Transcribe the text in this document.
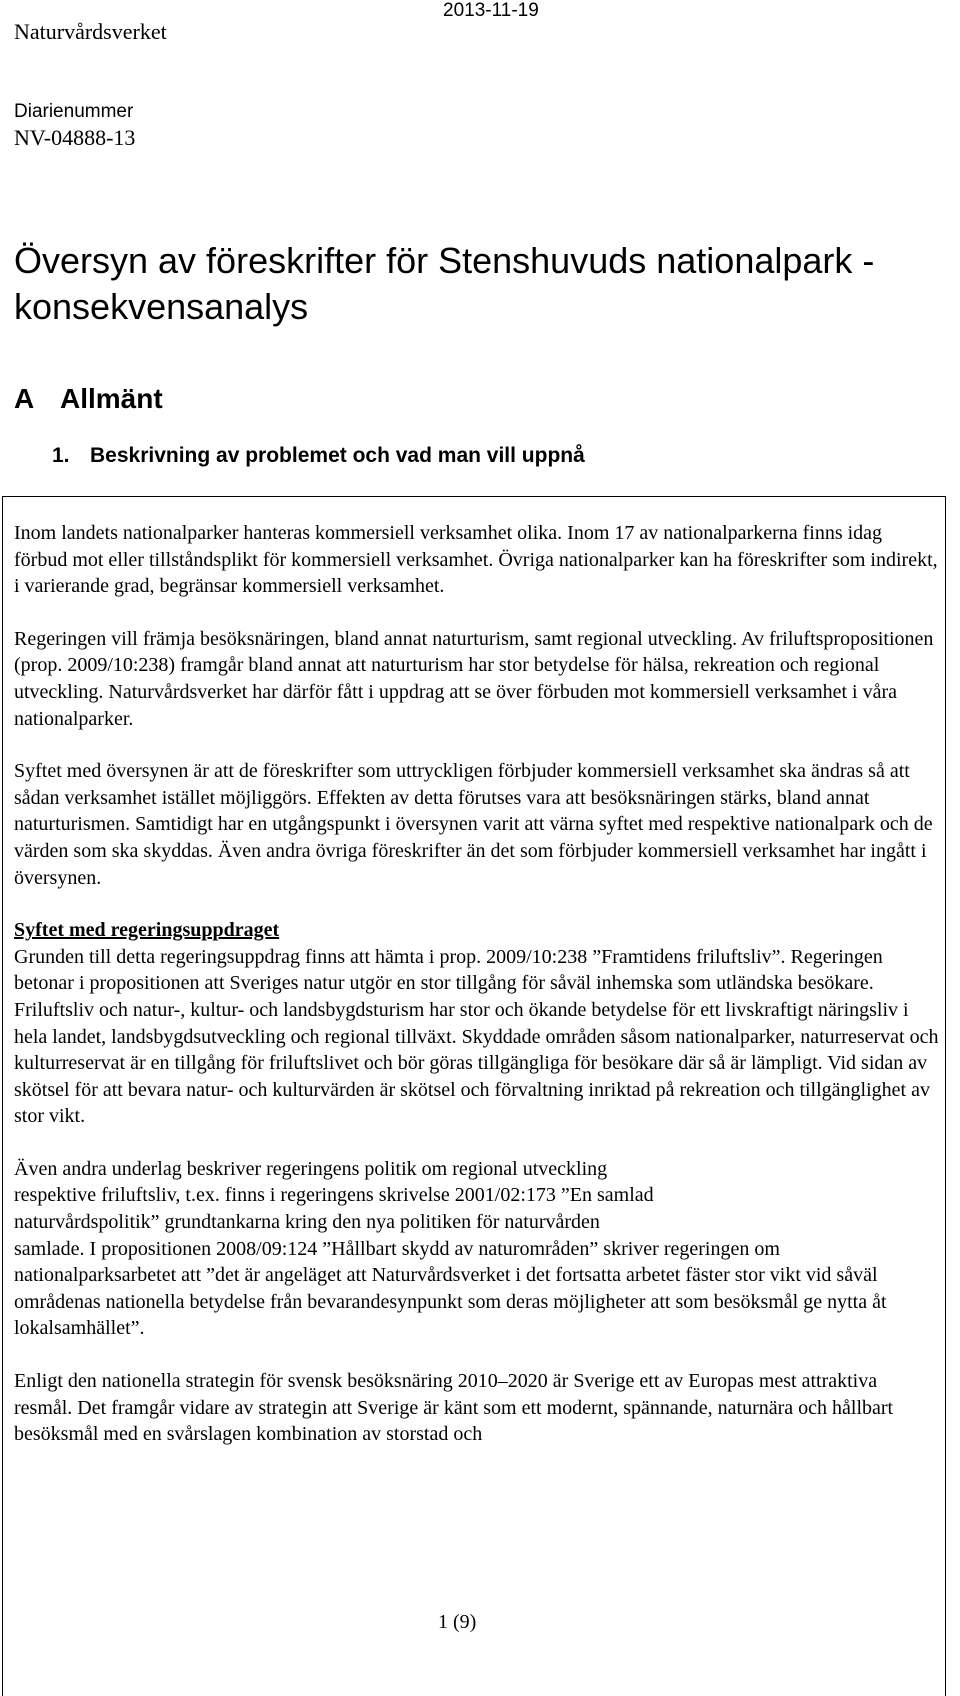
Naturvårdsverket
2013-11-19
Diarienummer
NV-04888-13
Översyn av föreskrifter för Stenshuvuds nationalpark - konsekvensanalys
A Allmänt
1. Beskrivning av problemet och vad man vill uppnå

Inom landets nationalparker hanteras kommersiell verksamhet olika. Inom 17 av nationalparkerna finns idag förbud mot eller tillståndsplikt för kommersiell verksamhet. Övriga nationalparker kan ha föreskrifter som indirekt, i varierande grad, begränsar kommersiell verksamhet.

Regeringen vill främja besöksnäringen, bland annat naturturism, samt regional utveckling. Av friluftspropositionen (prop. 2009/10:238) framgår bland annat att naturturism har stor betydelse för hälsa, rekreation och regional utveckling. Naturvårdsverket har därför fått i uppdrag att se över förbuden mot kommersiell verksamhet i våra nationalparker.

Syftet med översynen är att de föreskrifter som uttryckligen förbjuder kommersiell verksamhet ska ändras så att sådan verksamhet istället möjliggörs. Effekten av detta förutses vara att besöksnäringen stärks, bland annat naturturismen. Samtidigt har en utgångspunkt i översynen varit att värna syftet med respektive nationalpark och de värden som ska skyddas. Även andra övriga föreskrifter än det som förbjuder kommersiell verksamhet har ingått i översynen.

Syftet med regeringsuppdraget
Grunden till detta regeringsuppdrag finns att hämta i prop. 2009/10:238 ”Framtidens friluftsliv”. Regeringen betonar i propositionen att Sveriges natur utgör en stor tillgång för såväl inhemska som utländska besökare. Friluftsliv och natur-, kultur- och landsbygdsturism har stor och ökande betydelse för ett livskraftigt näringsliv i hela landet, landsbygdsutveckling och regional tillväxt. Skyddade områden såsom nationalparker, naturreservat och kulturreservat är en tillgång för friluftslivet och bör göras tillgängliga för besökare där så är lämpligt. Vid sidan av skötsel för att bevara natur- och kulturvärden är skötsel och förvaltning inriktad på rekreation och tillgänglighet av stor vikt.

Även andra underlag beskriver regeringens politik om regional utveckling
respektive friluftsliv, t.ex. finns i regeringens skrivelse 2001/02:173 ”En samlad
naturvårdspolitik” grundtankarna kring den nya politiken för naturvården
samlade. I propositionen 2008/09:124 ”Hållbart skydd av naturområden” skriver regeringen om nationalparksarbetet att ”det är angeläget att Naturvårdsverket i det fortsatta arbetet fäster stor vikt vid såväl områdenas nationella betydelse från bevarandesynpunkt som deras möjligheter att som besöksmål ge nytta åt lokalsamhället”.

Enligt den nationella strategin för svensk besöksnäring 2010–2020 är Sverige ett av Europas mest attraktiva resmål. Det framgår vidare av strategin att Sverige är känt som ett modernt, spännande, naturnära och hållbart besöksmål med en svårslagen kombination av storstad och

1 (9)
